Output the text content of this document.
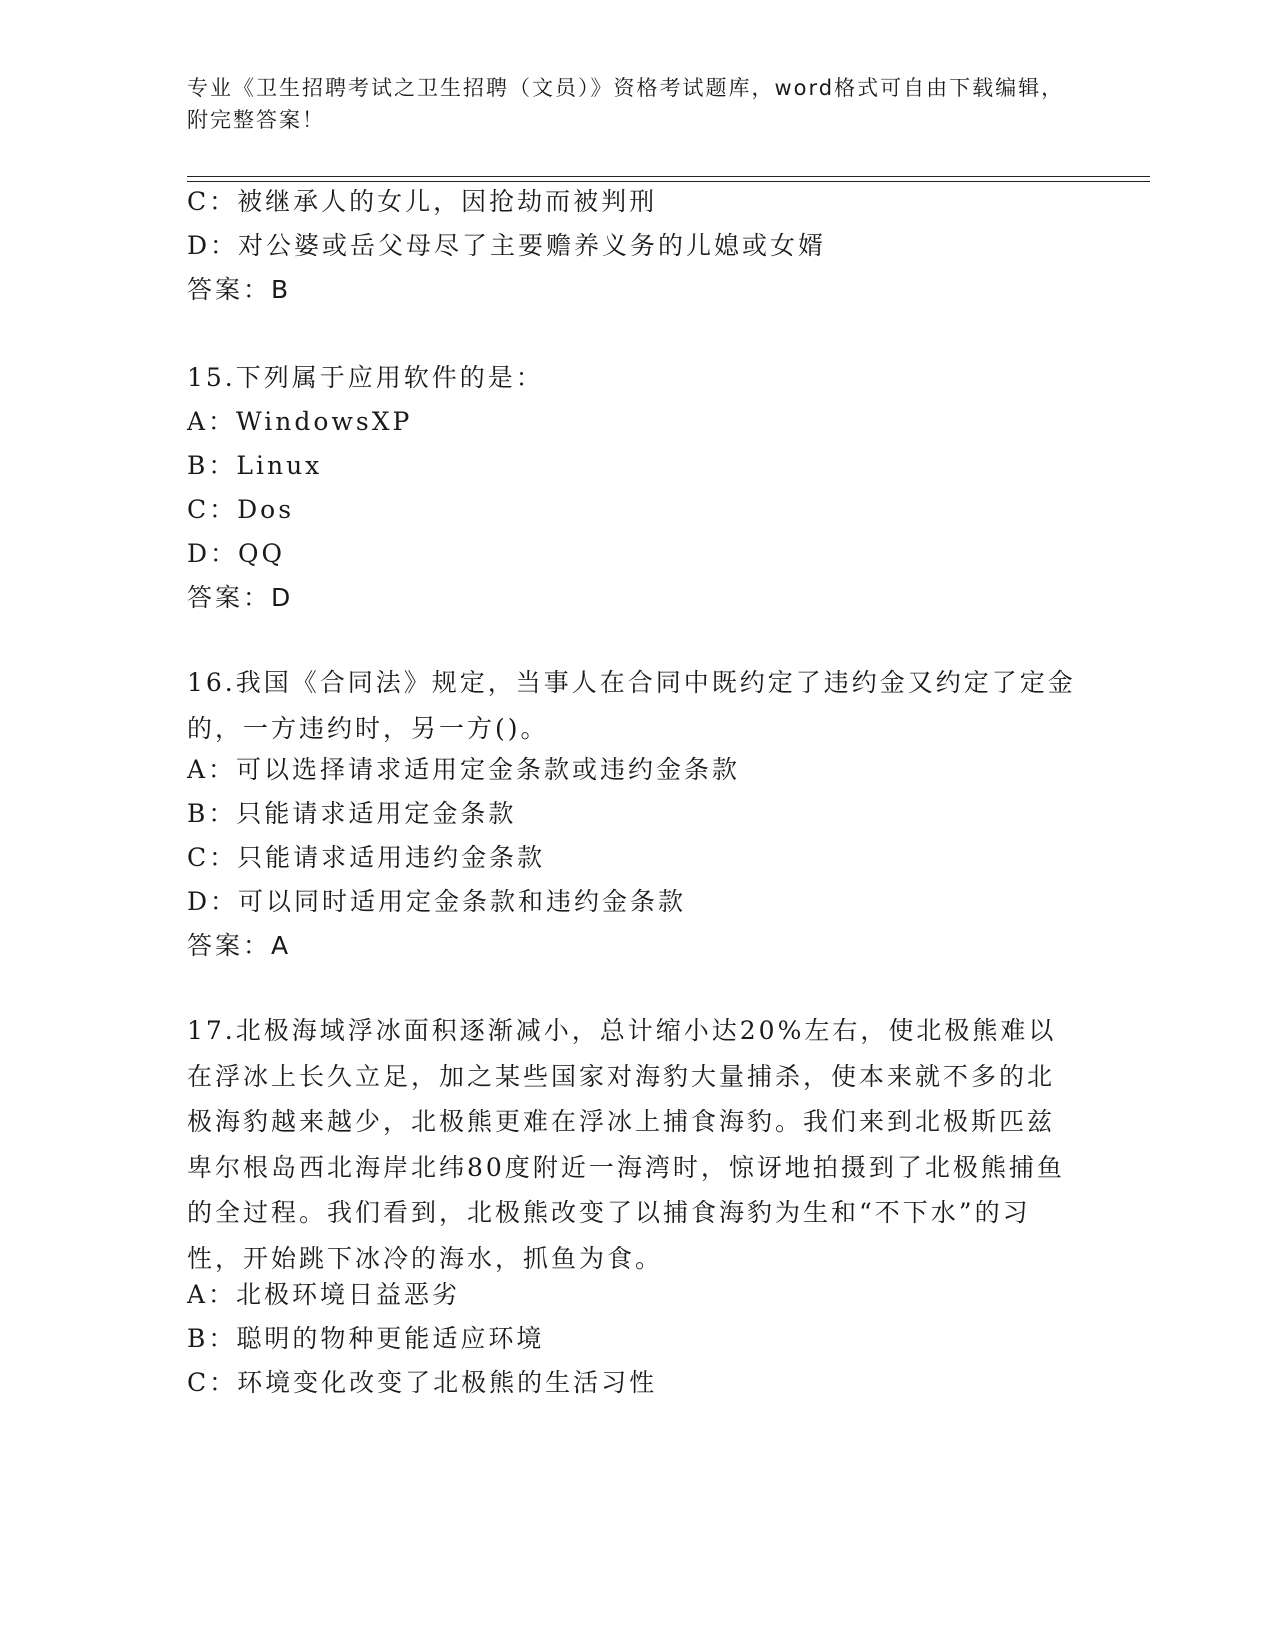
专业《卫生招聘考试之卫生招聘（文员）》资格考试题库，word格式可自由下载编辑，附完整答案！
C：被继承人的女儿，因抢劫而被判刑
D：对公婆或岳父母尽了主要赡养义务的儿媳或女婿
答案：B
15.下列属于应用软件的是：
A：WindowsXP
B：Linux
C：Dos
D：QQ
答案：D
16.我国《合同法》规定，当事人在合同中既约定了违约金又约定了定金的，一方违约时，另一方()。
A：可以选择请求适用定金条款或违约金条款
B：只能请求适用定金条款
C：只能请求适用违约金条款
D：可以同时适用定金条款和违约金条款
答案：A
17.北极海域浮冰面积逐渐减小，总计缩小达20%左右，使北极熊难以在浮冰上长久立足，加之某些国家对海豹大量捕杀，使本来就不多的北极海豹越来越少，北极熊更难在浮冰上捕食海豹。我们来到北极斯匹兹卑尔根岛西北海岸北纬80度附近一海湾时，惊讶地拍摄到了北极熊捕鱼的全过程。我们看到，北极熊改变了以捕食海豹为生和“不下水”的习性，开始跳下冰冷的海水，抓鱼为食。
A：北极环境日益恶劣
B：聪明的物种更能适应环境
C：环境变化改变了北极熊的生活习性
